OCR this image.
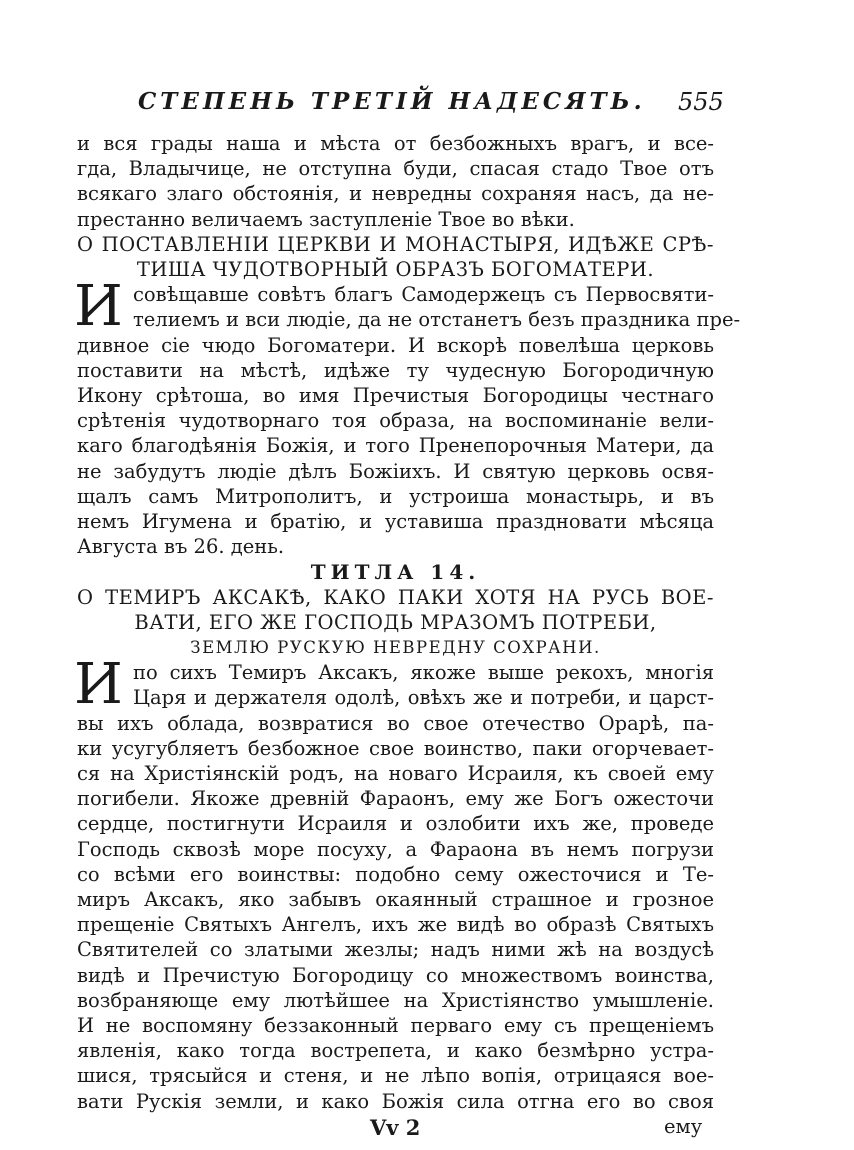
СТЕПЕНЬ ТРЕТІЙ НАДЕСЯТЬ. 555
и вся грады наша и мѣста от безбожныхъ врагъ, и все-
гда, Владычице, не отступна буди, спасая стадо Твое отъ
всякаго злаго обстоянія, и невредны сохраняя насъ, да не-
престанно величаемъ заступленіе Твое во вѣки.
О ПОСТАВЛЕНІИ ЦЕРКВИ И МОНАСТЫРЯ, ИДѢЖЕ СРѢ-
ТИША ЧУДОТВОРНЫЙ ОБРАЗЪ БОГОМАТЕРИ.
И совѣщавше совѣтъ благъ Самодержецъ съ Первосвяти-
телиемъ и вси людіе, да не отстанетъ безъ праздника пре-
дивное сіе чюдо Богоматери. И вскорѣ повелѣша церковь
поставити на мѣстѣ, идѣже ту чудесную Богородичную
Икону срѣтоша, во имя Пречистыя Богородицы честнаго
срѣтенія чудотворнаго тоя образа, на воспоминаніе вели-
каго благодѣянія Божія, и того Пренепорочныя Матери, да
не забудутъ людіе дѣлъ Божіихъ. И святую церковь освя-
щалъ самъ Митрополитъ, и устроиша монастырь, и въ
немъ Игумена и братію, и уставиша праздновати мѣсяца
Августа въ 26. день.
ТИТЛА 14.
О ТЕМИРЪ АКСАКѢ, КАКО ПАКИ ХОТЯ НА РУСЬ ВОЕ-
ВАТИ, ЕГО ЖЕ ГОСПОДЬ МРАЗОМЪ ПОТРЕБИ,
ЗЕМЛЮ РУСКУЮ НЕВРЕДНУ СОХРАНИ.
И по сихъ Темиръ Аксакъ, якоже выше рекохъ, многія
Царя и держателя одолѣ, овѣхъ же и потреби, и царст-
вы ихъ облада, возвратися во свое отечество Орарѣ, па-
ки усугубляетъ безбожное свое воинство, паки огорчевает-
ся на Христіянскій родъ, на новаго Исраиля, къ своей ему
погибели. Якоже древній Фараонъ, ему же Богъ ожесточи
сердце, постигнути Исраиля и озлобити ихъ же, проведе
Господь сквозѣ море посуху, а Фараона въ немъ погрузи
со всѣми его воинствы: подобно сему ожесточися и Те-
миръ Аксакъ, яко забывъ окаянный страшное и грозное
прещеніе Святыхъ Ангелъ, ихъ же видѣ во образѣ Святыхъ
Святителей со златыми жезлы; надъ ними жѣ на воздусѣ
видѣ и Пречистую Богородицу со множествомъ воинства,
возбраняюще ему лютѣйшее на Христіянство умышленіе.
И не воспомяну беззаконный перваго ему съ прещеніемъ
явленія, како тогда вострепета, и како безмѣрно устра-
шися, трясыйся и стеня, и не лѣпо вопія, отрицаяся вое-
вати Рускія земли, и како Божія сила отгна его во своя
Vv 2	ему
